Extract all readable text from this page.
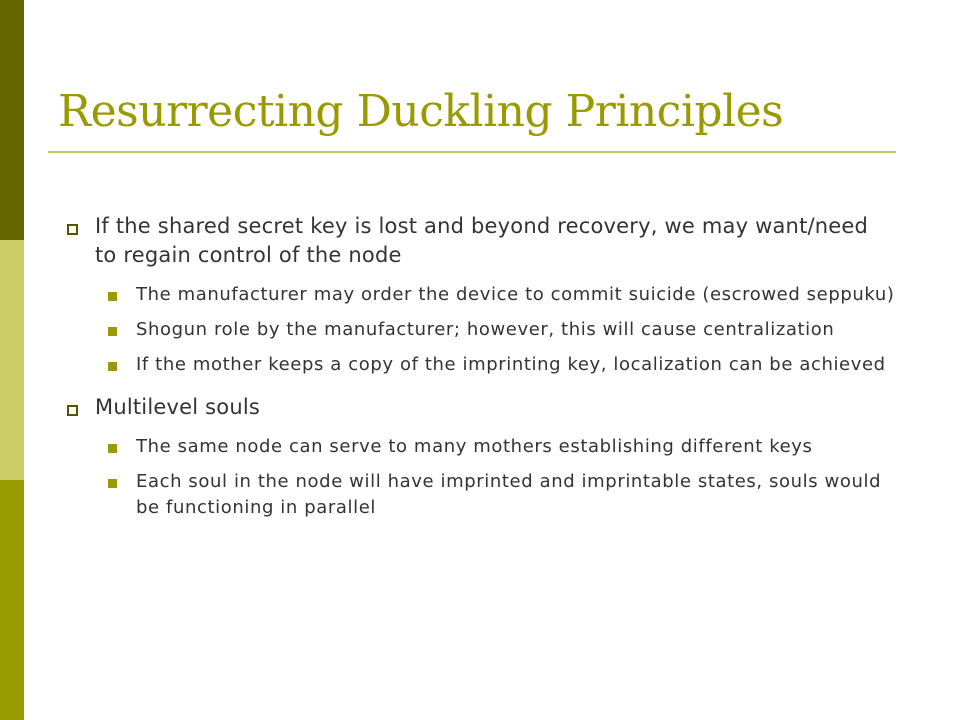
Resurrecting Duckling Principles
If the shared secret key is lost and beyond recovery, we may want/need to regain control of the node
The manufacturer may order the device to commit suicide (escrowed seppuku)
Shogun role by the manufacturer; however, this will cause centralization
If the mother keeps a copy of the imprinting key, localization can be achieved
Multilevel souls
The same node can serve to many mothers establishing different keys
Each soul in the node will have imprinted and imprintable states, souls would be functioning in parallel
